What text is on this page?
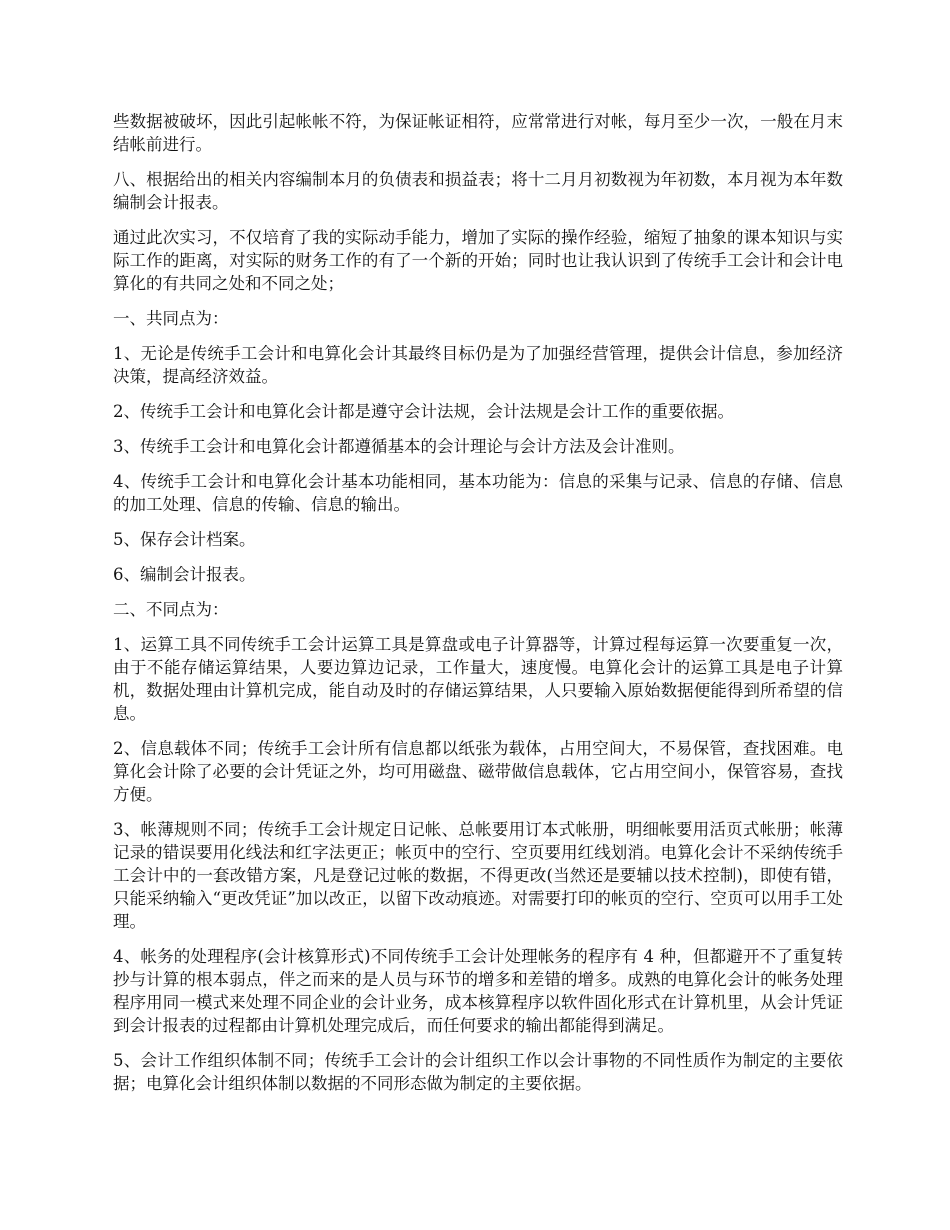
些数据被破坏，因此引起帐帐不符，为保证帐证相符，应常常进行对帐，每月至少一次，一般在月末结帐前进行。

八、根据给出的相关内容编制本月的负债表和损益表；将十二月月初数视为年初数，本月视为本年数编制会计报表。

通过此次实习，不仅培育了我的实际动手能力，增加了实际的操作经验，缩短了抽象的课本知识与实际工作的距离，对实际的财务工作的有了一个新的开始；同时也让我认识到了传统手工会计和会计电算化的有共同之处和不同之处；

一、共同点为：

1、无论是传统手工会计和电算化会计其最终目标仍是为了加强经营管理，提供会计信息，参加经济决策，提高经济效益。

2、传统手工会计和电算化会计都是遵守会计法规，会计法规是会计工作的重要依据。

3、传统手工会计和电算化会计都遵循基本的会计理论与会计方法及会计准则。

4、传统手工会计和电算化会计基本功能相同，基本功能为：信息的采集与记录、信息的存储、信息的加工处理、信息的传输、信息的输出。

5、保存会计档案。

6、编制会计报表。

二、不同点为：

1、运算工具不同传统手工会计运算工具是算盘或电子计算器等，计算过程每运算一次要重复一次，由于不能存储运算结果，人要边算边记录，工作量大，速度慢。电算化会计的运算工具是电子计算机，数据处理由计算机完成，能自动及时的存储运算结果，人只要输入原始数据便能得到所希望的信息。

2、信息载体不同；传统手工会计所有信息都以纸张为载体，占用空间大，不易保管，查找困难。电算化会计除了必要的会计凭证之外，均可用磁盘、磁带做信息载体，它占用空间小，保管容易，查找方便。

3、帐薄规则不同；传统手工会计规定日记帐、总帐要用订本式帐册，明细帐要用活页式帐册；帐薄记录的错误要用化线法和红字法更正；帐页中的空行、空页要用红线划消。电算化会计不采纳传统手工会计中的一套改错方案，凡是登记过帐的数据，不得更改(当然还是要辅以技术控制)，即使有错，只能采纳输入“更改凭证”加以改正，以留下改动痕迹。对需要打印的帐页的空行、空页可以用手工处理。

4、帐务的处理程序(会计核算形式)不同传统手工会计处理帐务的程序有 4 种，但都避开不了重复转抄与计算的根本弱点，伴之而来的是人员与环节的增多和差错的增多。成熟的电算化会计的帐务处理程序用同一模式来处理不同企业的会计业务，成本核算程序以软件固化形式在计算机里，从会计凭证到会计报表的过程都由计算机处理完成后，而任何要求的输出都能得到满足。

5、会计工作组织体制不同；传统手工会计的会计组织工作以会计事物的不同性质作为制定的主要依据；电算化会计组织体制以数据的不同形态做为制定的主要依据。
